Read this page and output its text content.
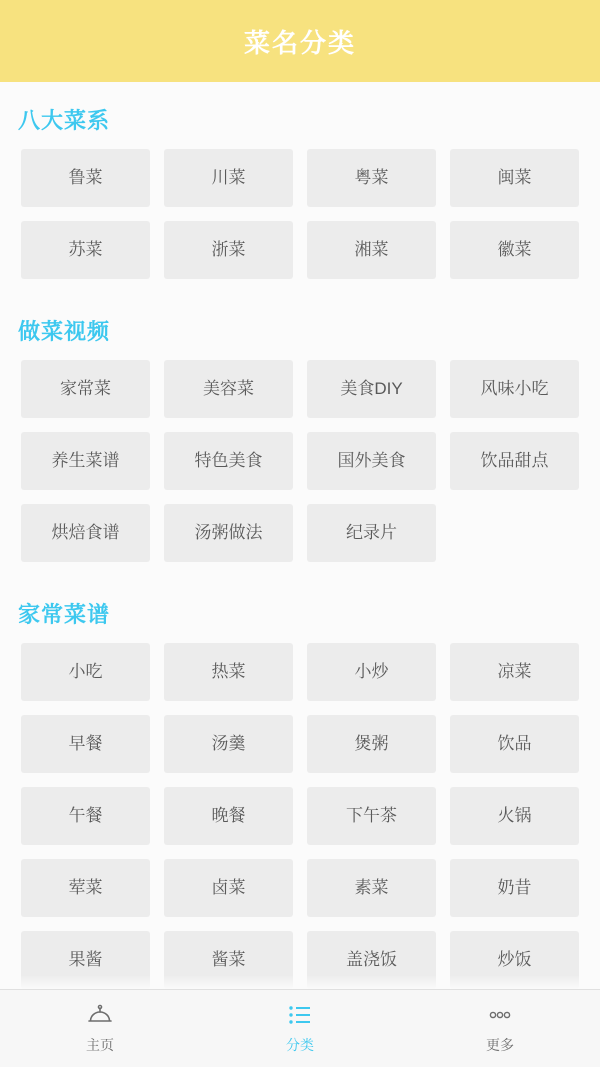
菜名分类
八大菜系
鲁菜	川菜	粤菜	闽菜
苏菜	浙菜	湘菜	徽菜
做菜视频
家常菜	美容菜	美食DIY	风味小吃
养生菜谱	特色美食	国外美食	饮品甜点
烘焙食谱	汤粥做法	纪录片
家常菜谱
小吃	热菜	小炒	凉菜
早餐	汤羹	煲粥	饮品
午餐	晚餐	下午茶	火锅
荤菜	卤菜	素菜	奶昔
果酱	酱菜	盖浇饭	炒饭
主页	分类	更多
